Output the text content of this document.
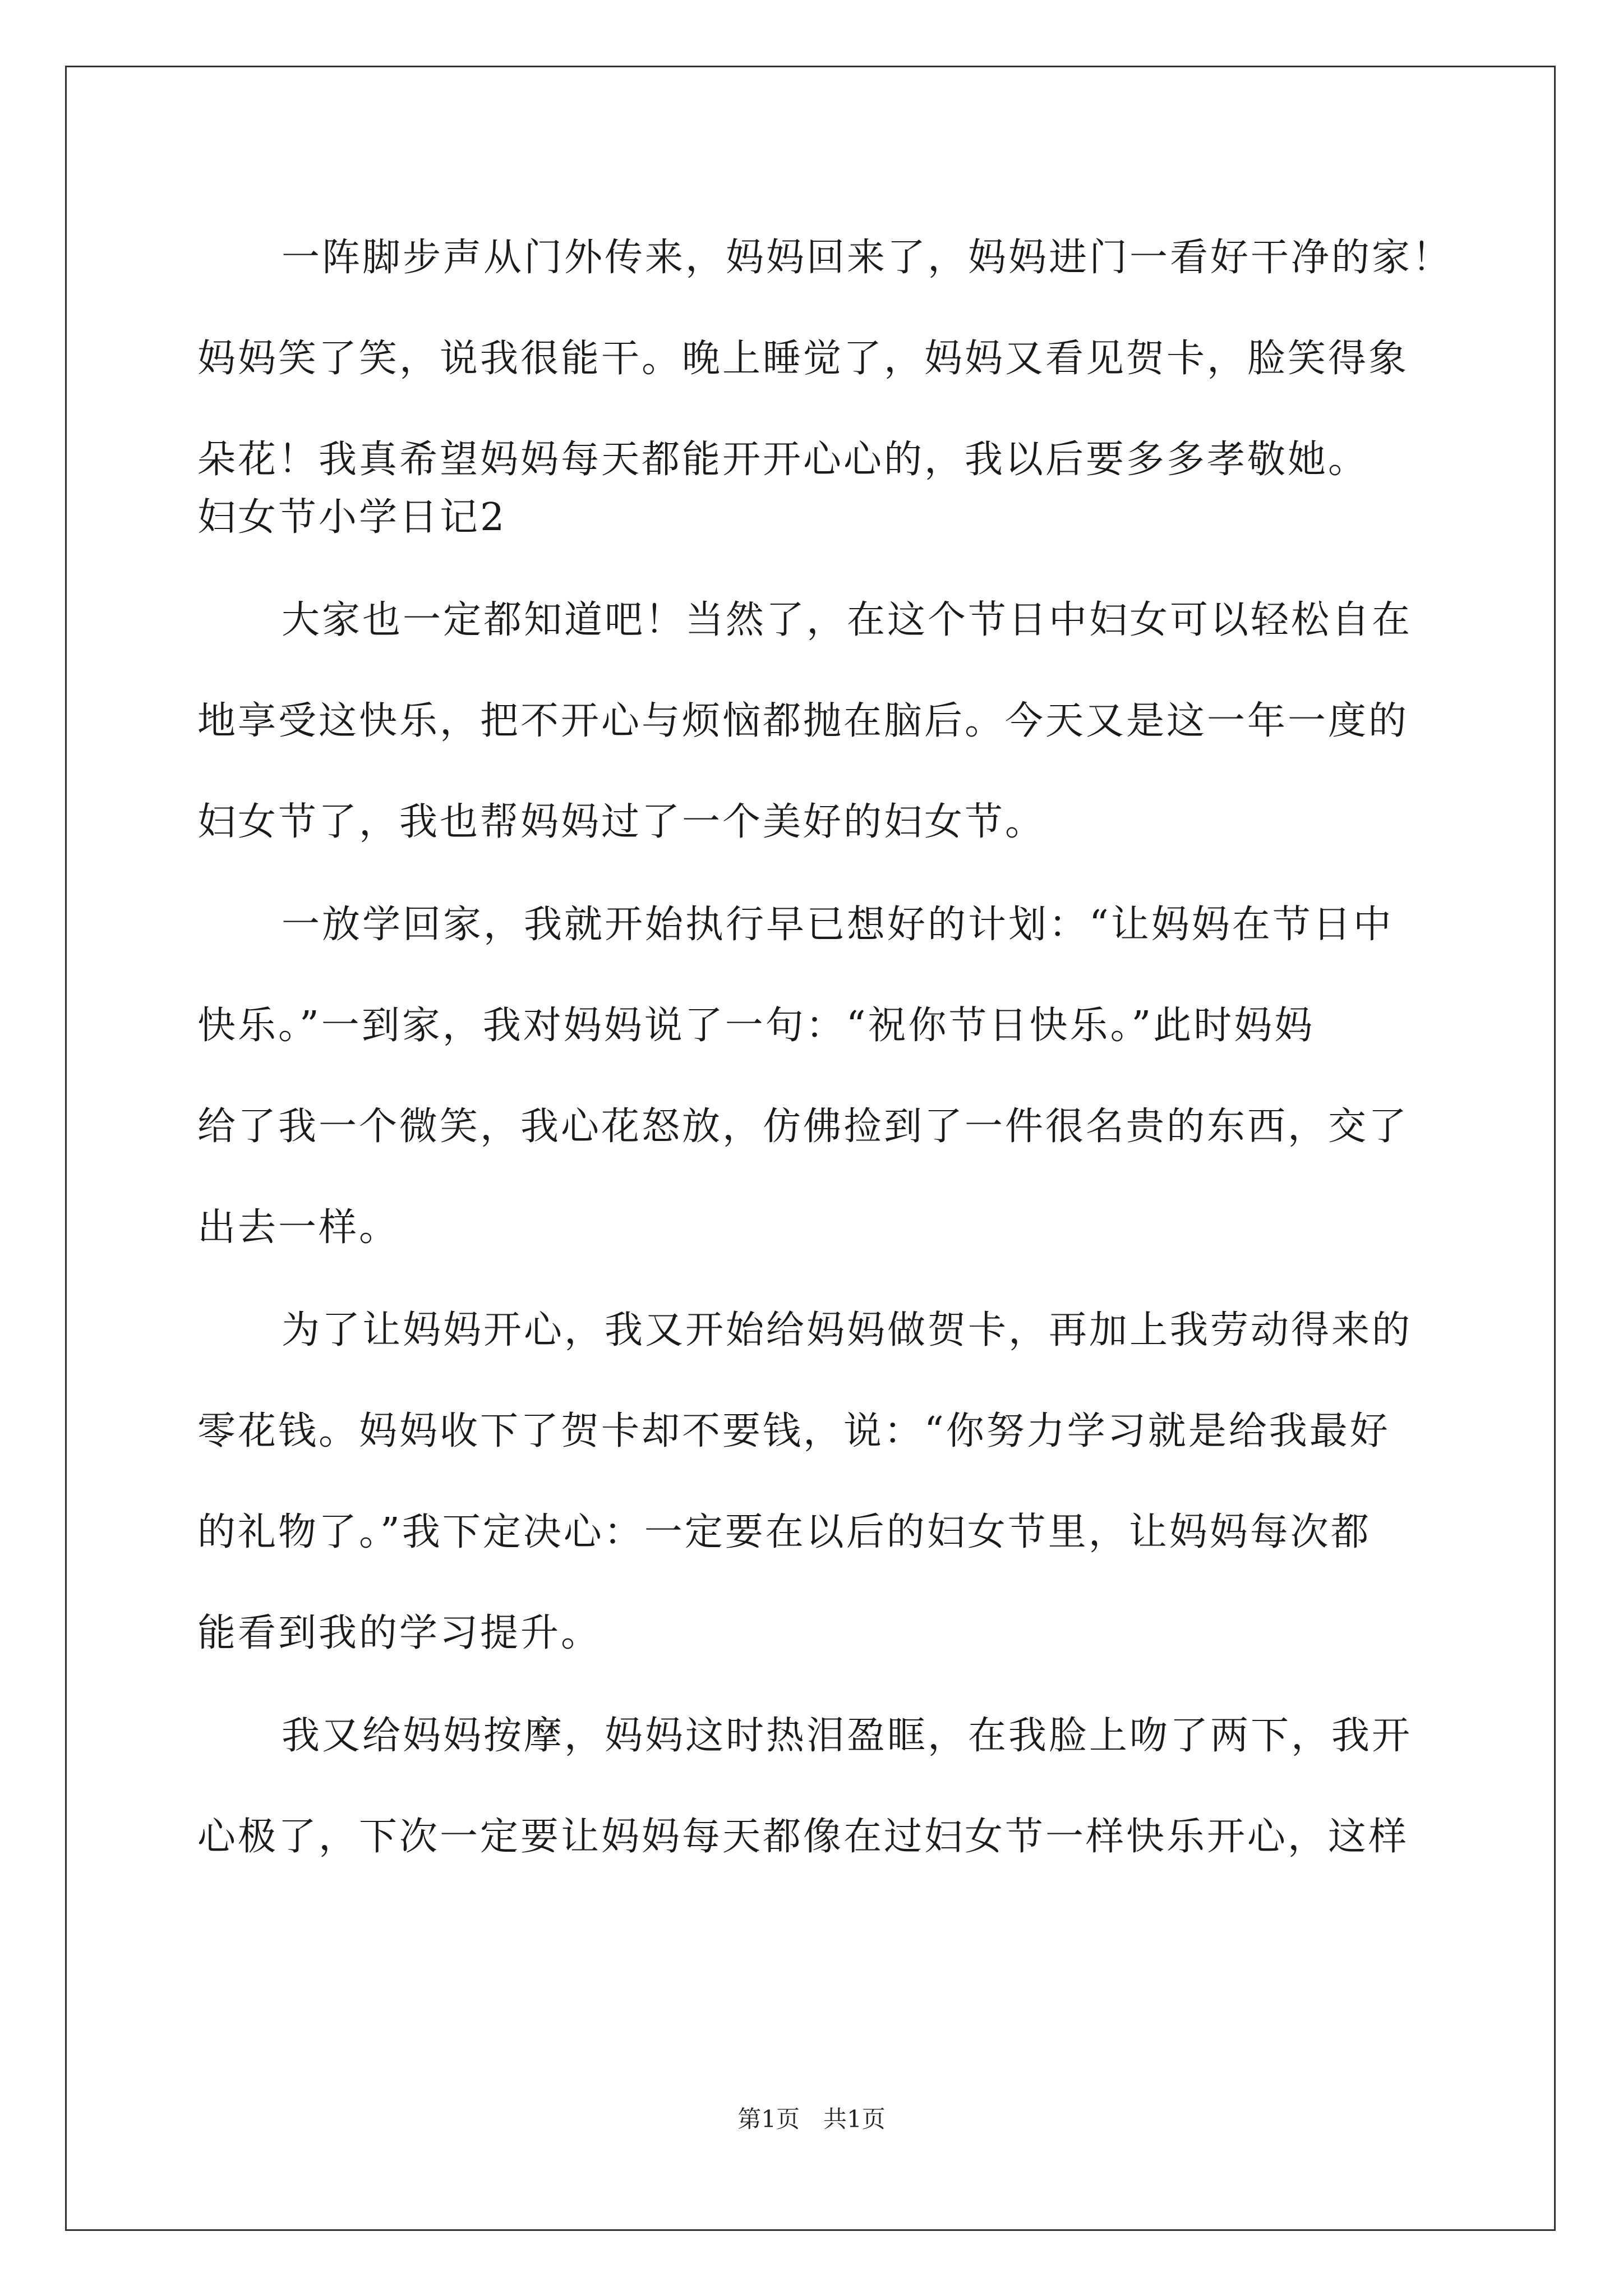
一阵脚步声从门外传来，妈妈回来了，妈妈进门一看好干净的家！
妈妈笑了笑，说我很能干。晚上睡觉了，妈妈又看见贺卡，脸笑得象
朵花！我真希望妈妈每天都能开开心心的，我以后要多多孝敬她。
妇女节小学日记2
大家也一定都知道吧！当然了，在这个节日中妇女可以轻松自在
地享受这快乐，把不开心与烦恼都抛在脑后。今天又是这一年一度的
妇女节了，我也帮妈妈过了一个美好的妇女节。
一放学回家，我就开始执行早已想好的计划：“让妈妈在节日中
快乐。”一到家，我对妈妈说了一句：“祝你节日快乐。”此时妈妈
给了我一个微笑，我心花怒放，仿佛捡到了一件很名贵的东西，交了
出去一样。
为了让妈妈开心，我又开始给妈妈做贺卡，再加上我劳动得来的
零花钱。妈妈收下了贺卡却不要钱，说：“你努力学习就是给我最好
的礼物了。”我下定决心：一定要在以后的妇女节里，让妈妈每次都
能看到我的学习提升。
我又给妈妈按摩，妈妈这时热泪盈眶，在我脸上吻了两下，我开
心极了，下次一定要让妈妈每天都像在过妇女节一样快乐开心，这样
第1页　共1页
